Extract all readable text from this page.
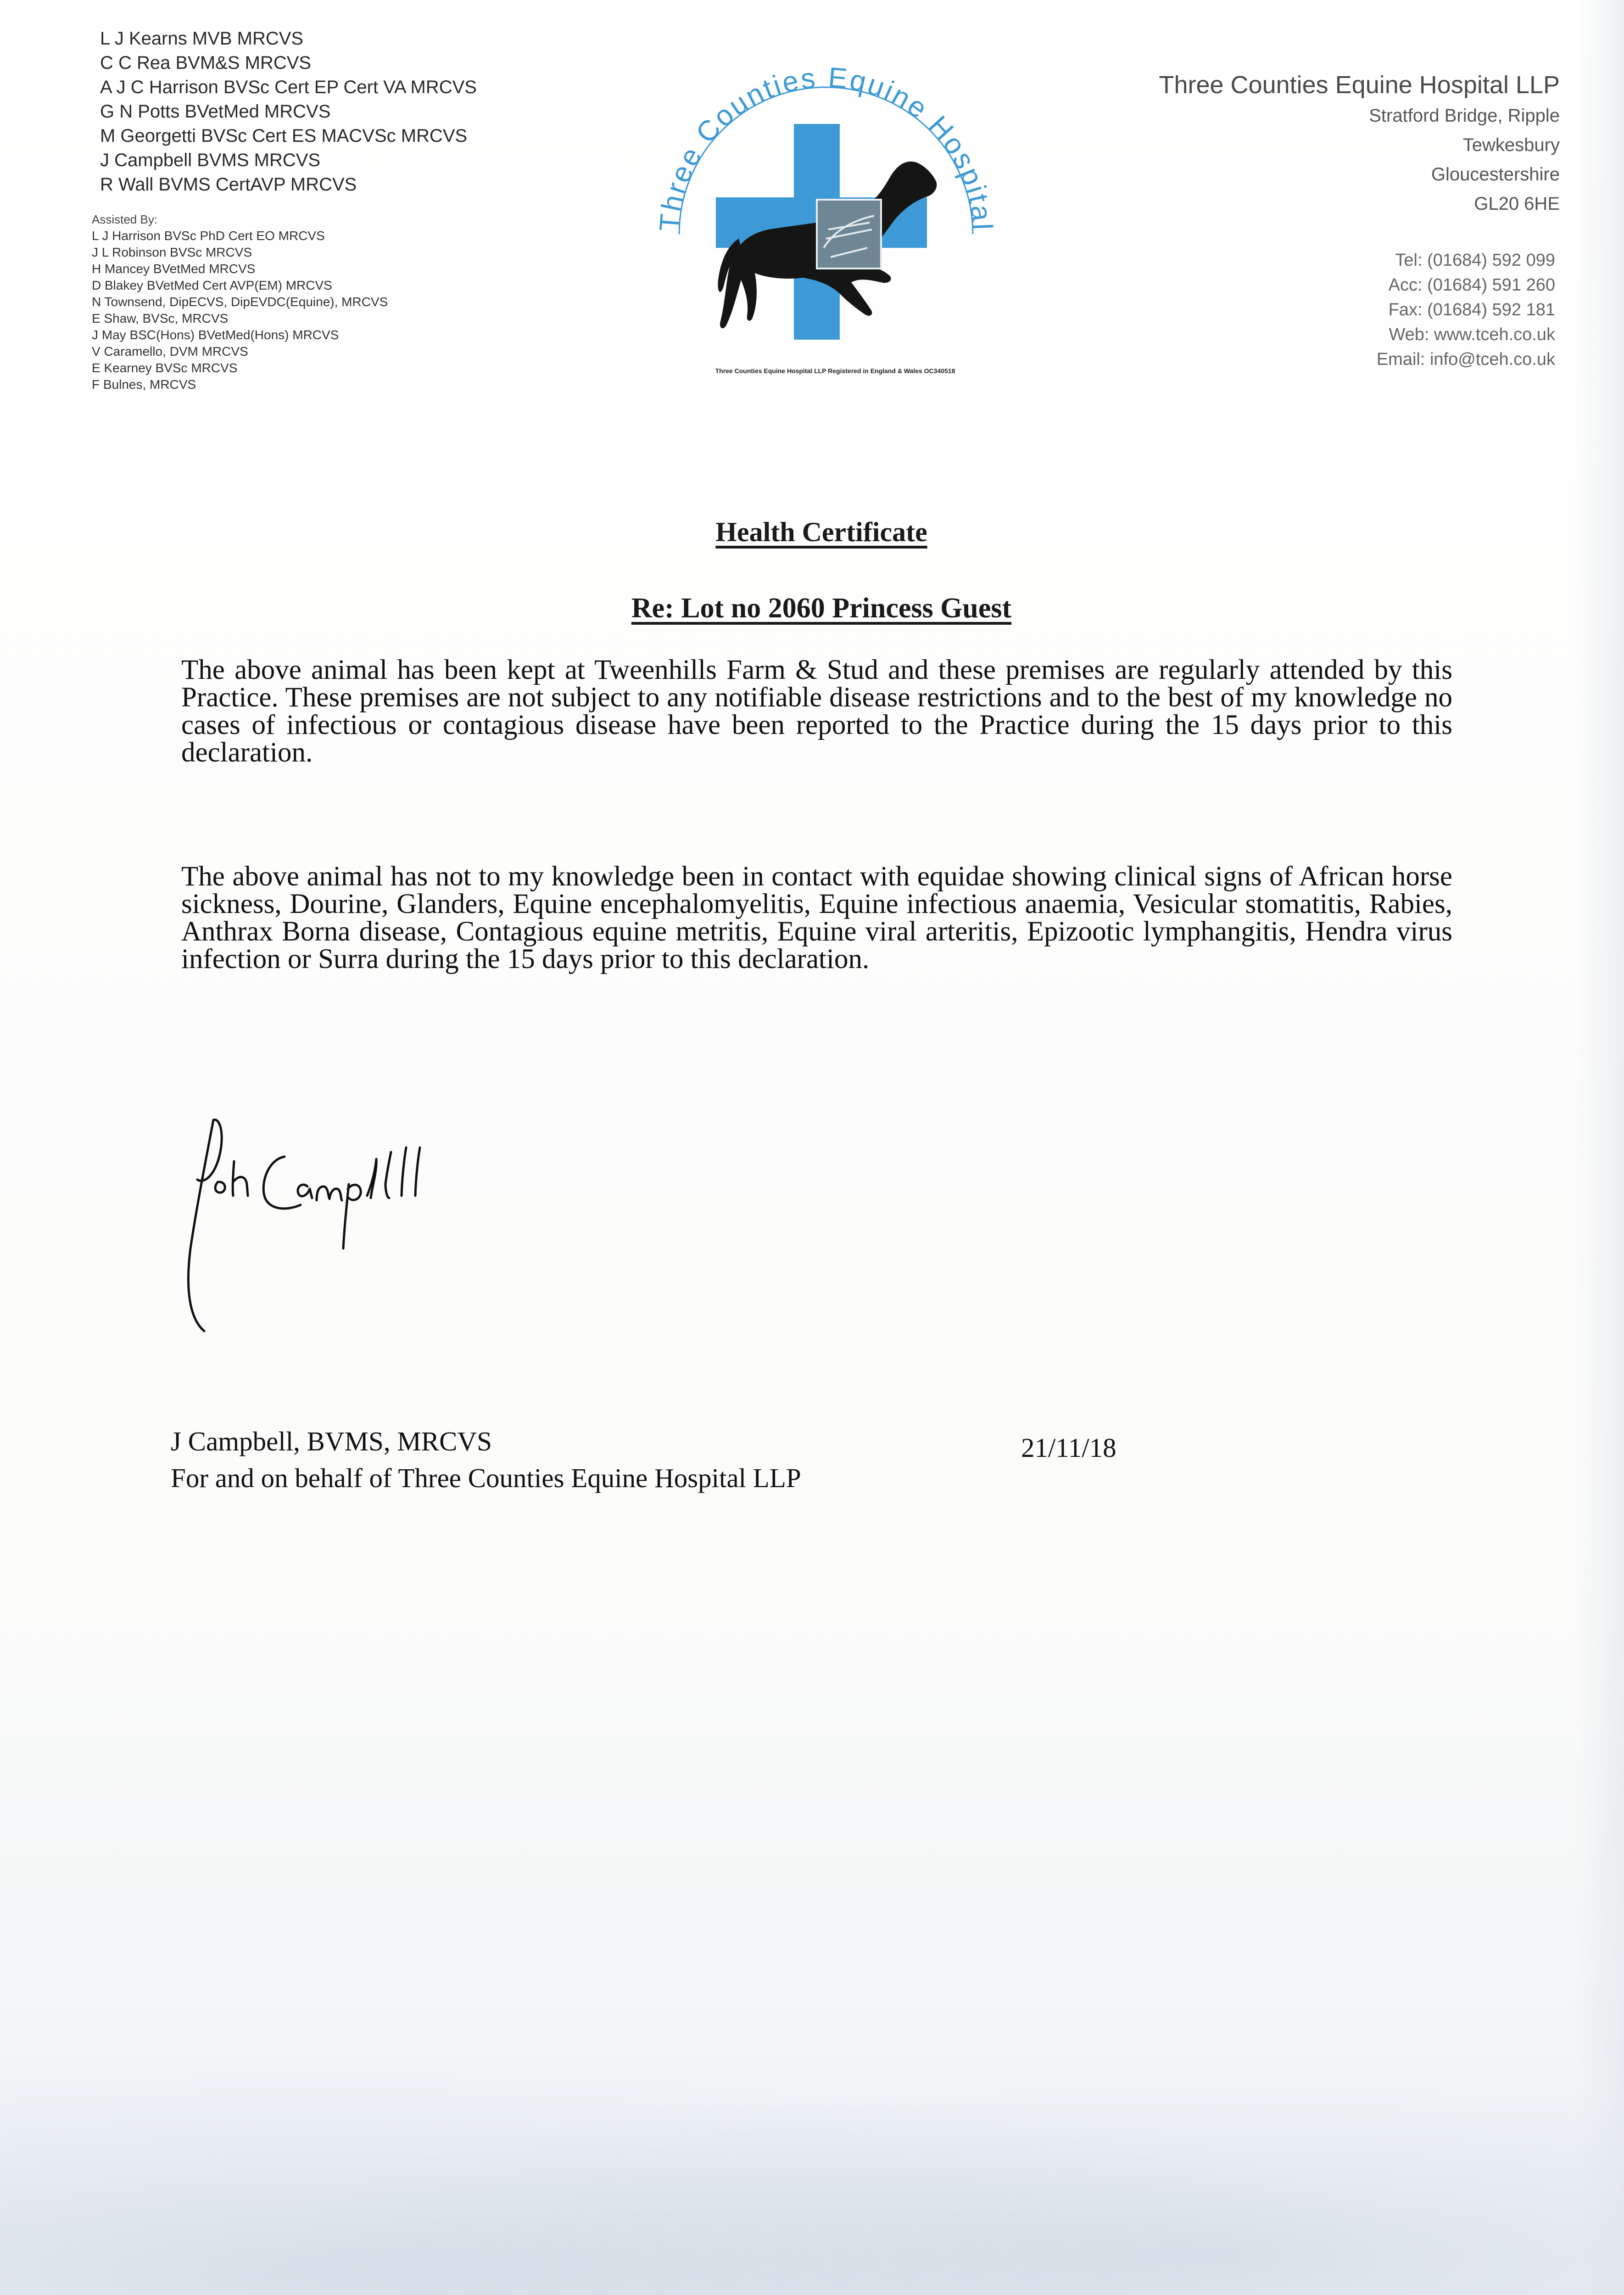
L J Kearns MVB MRCVS
C C Rea BVM&S MRCVS
A J C Harrison BVSc Cert EP Cert VA MRCVS
G N Potts BVetMed MRCVS
M Georgetti BVSc Cert ES MACVSc MRCVS
J Campbell BVMS MRCVS
R Wall BVMS CertAVP MRCVS
Assisted By:
L J Harrison BVSc PhD Cert EO MRCVS
J L Robinson BVSc MRCVS
H Mancey BVetMed MRCVS
D Blakey BVetMed Cert AVP(EM) MRCVS
N Townsend, DipECVS, DipEVDC(Equine), MRCVS
E Shaw, BVSc, MRCVS
J May BSC(Hons) BVetMed(Hons) MRCVS
V Caramello, DVM MRCVS
E Kearney BVSc MRCVS
F Bulnes, MRCVS
Three Counties Equine Hospital
Three Counties Equine Hospital LLP Registered in England & Wales OC340518
Three Counties Equine Hospital LLP
Stratford Bridge, Ripple
Tewkesbury
Gloucestershire
GL20 6HE
Tel: (01684) 592 099
Acc: (01684) 591 260
Fax: (01684) 592 181
Web: www.tceh.co.uk
Email: info@tceh.co.uk
Health Certificate
Re: Lot no 2060 Princess Guest
The above animal has been kept at Tweenhills Farm & Stud and these premises are regularly attended by this Practice. These premises are not subject to any notifiable disease restrictions and to the best of my knowledge no cases of infectious or contagious disease have been reported to the Practice during the 15 days prior to this declaration.
The above animal has not to my knowledge been in contact with equidae showing clinical signs of African horse sickness, Dourine, Glanders, Equine encephalomyelitis, Equine infectious anaemia, Vesicular stomatitis, Rabies, Anthrax Borna disease, Contagious equine metritis, Equine viral arteritis, Epizootic lymphangitis, Hendra virus infection or Surra during the 15 days prior to this declaration.
J Campbell, BVMS, MRCVS
For and on behalf of Three Counties Equine Hospital LLP
21/11/18
